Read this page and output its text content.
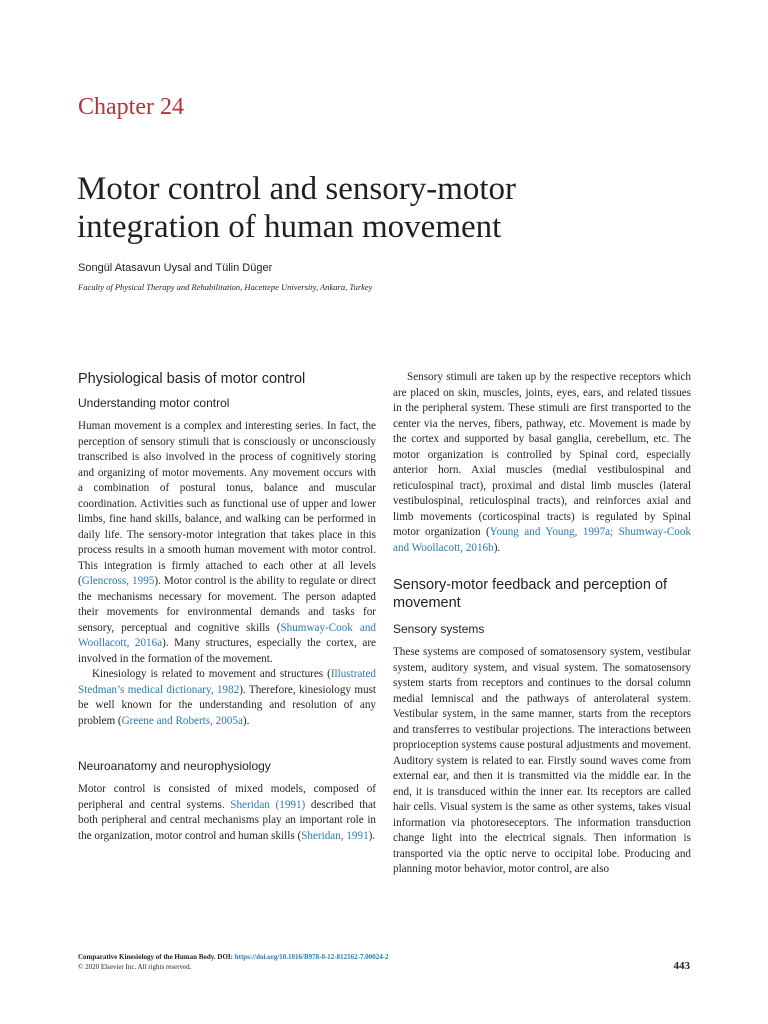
Chapter 24
Motor control and sensory-motor
integration of human movement
Songül Atasavun Uysal and Tülin Düger
Faculty of Physical Therapy and Rehabilitation, Hacettepe University, Ankara, Turkey
Physiological basis of motor control
Understanding motor control

Human movement is a complex and interesting series. In fact, the perception of sensory stimuli that is consciously or unconsciously transcribed is also involved in the process of cognitively storing and organizing of motor movements. Any movement occurs with a combination of postural tonus, balance and muscular coordination. Activities such as functional use of upper and lower limbs, fine hand skills, balance, and walking can be performed in daily life. The sensory-motor integration that takes place in this process results in a smooth human movement with motor control. This integration is firmly attached to each other at all levels (Glencross, 1995). Motor control is the ability to regulate or direct the mechanisms necessary for movement. The person adapted their movements for environmental demands and tasks for sensory, perceptual and cognitive skills (Shumway-Cook and Woollacott, 2016a). Many structures, especially the cortex, are involved in the formation of the movement.

Kinesiology is related to movement and structures (Illustrated Stedman’s medical dictionary, 1982). Therefore, kinesiology must be well known for the understanding and resolution of any problem (Greene and Roberts, 2005a).

Neuroanatomy and neurophysiology

Motor control is consisted of mixed models, composed of peripheral and central systems. Sheridan (1991) described that both peripheral and central mechanisms play an important role in the organization, motor control and human skills (Sheridan, 1991).

Sensory stimuli are taken up by the respective receptors which are placed on skin, muscles, joints, eyes, ears, and related tissues in the peripheral system. These stimuli are first transported to the center via the nerves, fibers, pathway, etc. Movement is made by the cortex and supported by basal ganglia, cerebellum, etc. The motor organization is controlled by Spinal cord, especially anterior horn. Axial muscles (medial vestibulospinal and reticulospinal tract), proximal and distal limb muscles (lateral vestibulospinal, reticulospinal tracts), and reinforces axial and limb movements (corticospinal tracts) is regulated by Spinal motor organization (Young and Young, 1997a; Shumway-Cook and Woollacott, 2016b).

Sensory-motor feedback and perception of movement
Sensory systems

These systems are composed of somatosensory system, vestibular system, auditory system, and visual system. The somatosensory system starts from receptors and continues to the dorsal column medial lemniscal and the pathways of anterolateral system. Vestibular system, in the same manner, starts from the receptors and transferres to vestibular projections. The interactions between proprioception systems cause postural adjustments and movement. Auditory system is related to ear. Firstly sound waves come from external ear, and then it is transmitted via the middle ear. In the end, it is transduced within the inner ear. Its receptors are called hair cells. Visual system is the same as other systems, takes visual information via photoreseceptors. The information transduction change light into the electrical signals. Then information is transported via the optic nerve to occipital lobe. Producing and planning motor behavior, motor control, are also

Comparative Kinesiology of the Human Body. DOI: https://doi.org/10.1016/B978-0-12-812162-7.00024-2
© 2020 Elsevier Inc. All rights reserved.	443
